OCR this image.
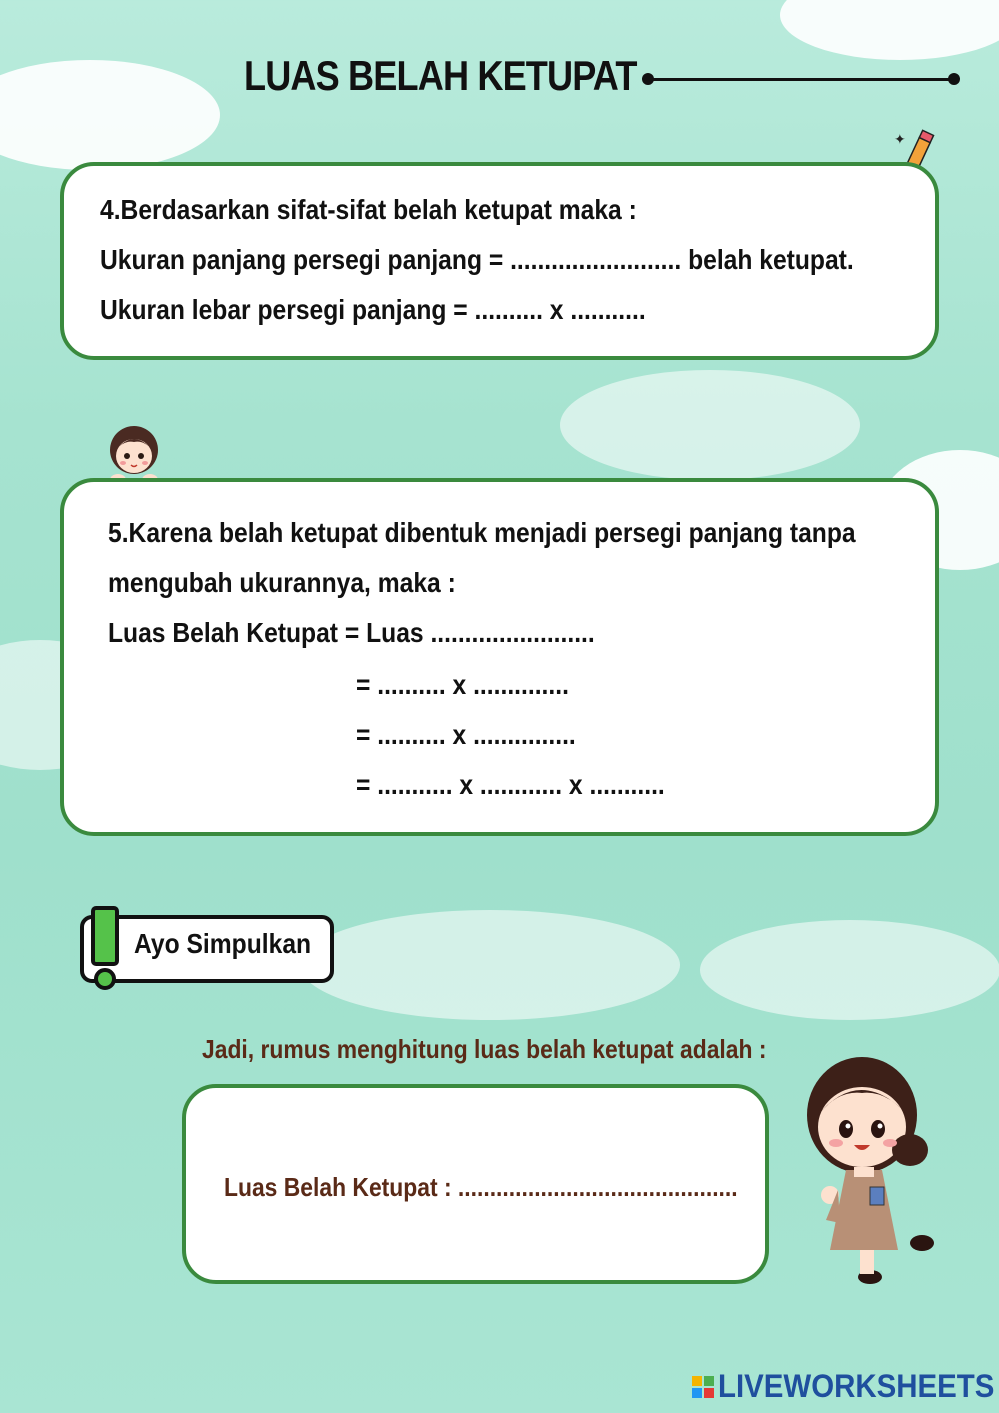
LUAS BELAH KETUPAT
✦
4.Berdasarkan sifat-sifat belah ketupat maka :
Ukuran panjang persegi panjang = ......................... belah ketupat.
Ukuran lebar persegi panjang = .......... x ...........
5.Karena belah ketupat dibentuk menjadi persegi panjang tanpa
mengubah ukurannya, maka :
Luas Belah Ketupat = Luas ........................
= .......... x ..............
= .......... x ...............
= ........... x ............ x ...........
Ayo Simpulkan
Jadi, rumus menghitung luas belah ketupat adalah :
Luas Belah Ketupat : ............................................
LIVEWORKSHEETS
